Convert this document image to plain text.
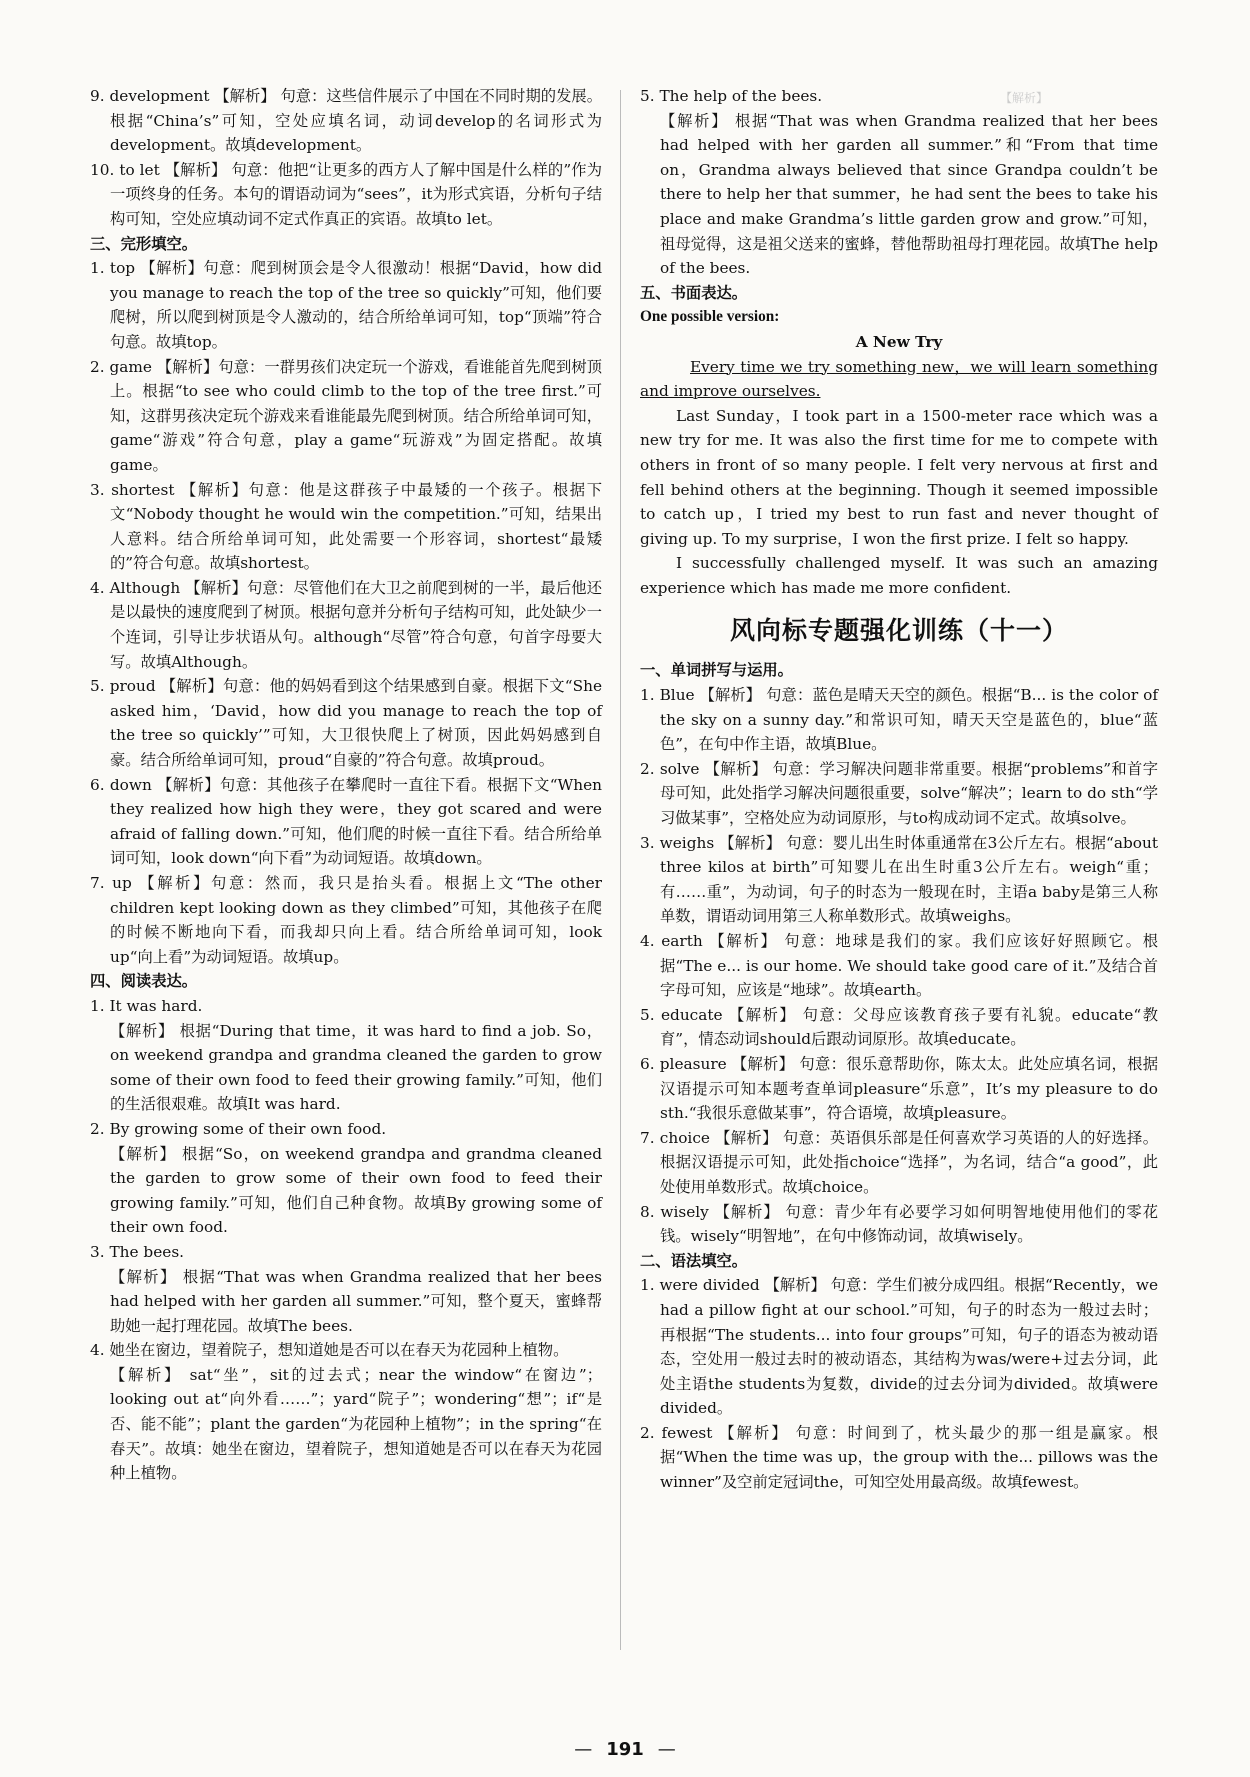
【解析】

9. development 【解析】 句意：这些信件展示了中国在不同时期的发展。根据“China’s”可知，空处应填名词，动词develop的名词形式为development。故填development。

10. to let 【解析】 句意：他把“让更多的西方人了解中国是什么样的”作为一项终身的任务。本句的谓语动词为“sees”，it为形式宾语，分析句子结构可知，空处应填动词不定式作真正的宾语。故填to let。

三、完形填空。

1. top 【解析】句意：爬到树顶会是令人很激动！根据“David，how did you manage to reach the top of the tree so quickly”可知，他们要爬树，所以爬到树顶是令人激动的，结合所给单词可知，top“顶端”符合句意。故填top。

2. game 【解析】句意：一群男孩们决定玩一个游戏，看谁能首先爬到树顶上。根据“to see who could climb to the top of the tree first.”可知，这群男孩决定玩个游戏来看谁能最先爬到树顶。结合所给单词可知，game“游戏”符合句意，play a game“玩游戏”为固定搭配。故填game。

3. shortest 【解析】句意：他是这群孩子中最矮的一个孩子。根据下文“Nobody thought he would win the competition.”可知，结果出人意料。结合所给单词可知，此处需要一个形容词，shortest“最矮的”符合句意。故填shortest。

4. Although 【解析】句意：尽管他们在大卫之前爬到树的一半，最后他还是以最快的速度爬到了树顶。根据句意并分析句子结构可知，此处缺少一个连词，引导让步状语从句。although“尽管”符合句意，句首字母要大写。故填Although。

5. proud 【解析】句意：他的妈妈看到这个结果感到自豪。根据下文“She asked him，‘David，how did you manage to reach the top of the tree so quickly’”可知，大卫很快爬上了树顶，因此妈妈感到自豪。结合所给单词可知，proud“自豪的”符合句意。故填proud。

6. down 【解析】句意：其他孩子在攀爬时一直往下看。根据下文“When they realized how high they were，they got scared and were afraid of falling down.”可知，他们爬的时候一直往下看。结合所给单词可知，look down“向下看”为动词短语。故填down。

7. up 【解析】句意：然而，我只是抬头看。根据上文“The other children kept looking down as they climbed”可知，其他孩子在爬的时候不断地向下看，而我却只向上看。结合所给单词可知，look up“向上看”为动词短语。故填up。

四、阅读表达。

1. It was hard.

【解析】 根据“During that time，it was hard to find a job. So，on weekend grandpa and grandma cleaned the garden to grow some of their own food to feed their growing family.”可知，他们的生活很艰难。故填It was hard.

2. By growing some of their own food.

【解析】 根据“So，on weekend grandpa and grandma cleaned the garden to grow some of their own food to feed their growing family.”可知，他们自己种食物。故填By growing some of their own food.

3. The bees.

【解析】 根据“That was when Grandma realized that her bees had helped with her garden all summer.”可知，整个夏天，蜜蜂帮助她一起打理花园。故填The bees.

4. 她坐在窗边，望着院子，想知道她是否可以在春天为花园种上植物。

【解析】 sat“坐”，sit的过去式；near the window“在窗边”；looking out at“向外看……”；yard“院子”；wondering“想”；if“是否、能不能”；plant the garden“为花园种上植物”；in the spring“在春天”。故填：她坐在窗边，望着院子，想知道她是否可以在春天为花园种上植物。

5. The help of the bees.

【解析】 根据“That was when Grandma realized that her bees had helped with her garden all summer.”和“From that time on，Grandma always believed that since Grandpa couldn’t be there to help her that summer，he had sent the bees to take his place and make Grandma’s little garden grow and grow.”可知，祖母觉得，这是祖父送来的蜜蜂，替他帮助祖母打理花园。故填The help of the bees.

五、书面表达。

One possible version:

A New Try

Every time we try something new，we will learn something and improve ourselves.

Last Sunday，I took part in a 1500-meter race which was a new try for me. It was also the first time for me to compete with others in front of so many people. I felt very nervous at first and fell behind others at the beginning. Though it seemed impossible to catch up，I tried my best to run fast and never thought of giving up. To my surprise，I won the first prize. I felt so happy.

I successfully challenged myself. It was such an amazing experience which has made me more confident.

风向标专题强化训练（十一）

一、单词拼写与运用。

1. Blue 【解析】 句意：蓝色是晴天天空的颜色。根据“B... is the color of the sky on a sunny day.”和常识可知，晴天天空是蓝色的，blue“蓝色”，在句中作主语，故填Blue。

2. solve 【解析】 句意：学习解决问题非常重要。根据“problems”和首字母可知，此处指学习解决问题很重要，solve“解决”；learn to do sth“学习做某事”，空格处应为动词原形，与to构成动词不定式。故填solve。

3. weighs 【解析】 句意：婴儿出生时体重通常在3公斤左右。根据“about three kilos at birth”可知婴儿在出生时重3公斤左右。weigh“重；有……重”，为动词，句子的时态为一般现在时，主语a baby是第三人称单数，谓语动词用第三人称单数形式。故填weighs。

4. earth 【解析】 句意：地球是我们的家。我们应该好好照顾它。根据“The e... is our home. We should take good care of it.”及结合首字母可知，应该是“地球”。故填earth。

5. educate 【解析】 句意：父母应该教育孩子要有礼貌。educate“教育”，情态动词should后跟动词原形。故填educate。

6. pleasure 【解析】 句意：很乐意帮助你，陈太太。此处应填名词，根据汉语提示可知本题考查单词pleasure“乐意”，It’s my pleasure to do sth.“我很乐意做某事”，符合语境，故填pleasure。

7. choice 【解析】 句意：英语俱乐部是任何喜欢学习英语的人的好选择。根据汉语提示可知，此处指choice“选择”，为名词，结合“a good”，此处使用单数形式。故填choice。

8. wisely 【解析】 句意：青少年有必要学习如何明智地使用他们的零花钱。wisely“明智地”，在句中修饰动词，故填wisely。

二、语法填空。

1. were divided 【解析】 句意：学生们被分成四组。根据“Recently，we had a pillow fight at our school.”可知，句子的时态为一般过去时；再根据“The students... into four groups”可知，句子的语态为被动语态，空处用一般过去时的被动语态，其结构为was/were+过去分词，此处主语the students为复数，divide的过去分词为divided。故填were divided。

2. fewest 【解析】 句意：时间到了，枕头最少的那一组是赢家。根据“When the time was up，the group with the... pillows was the winner”及空前定冠词the，可知空处用最高级。故填fewest。

— 191 —
